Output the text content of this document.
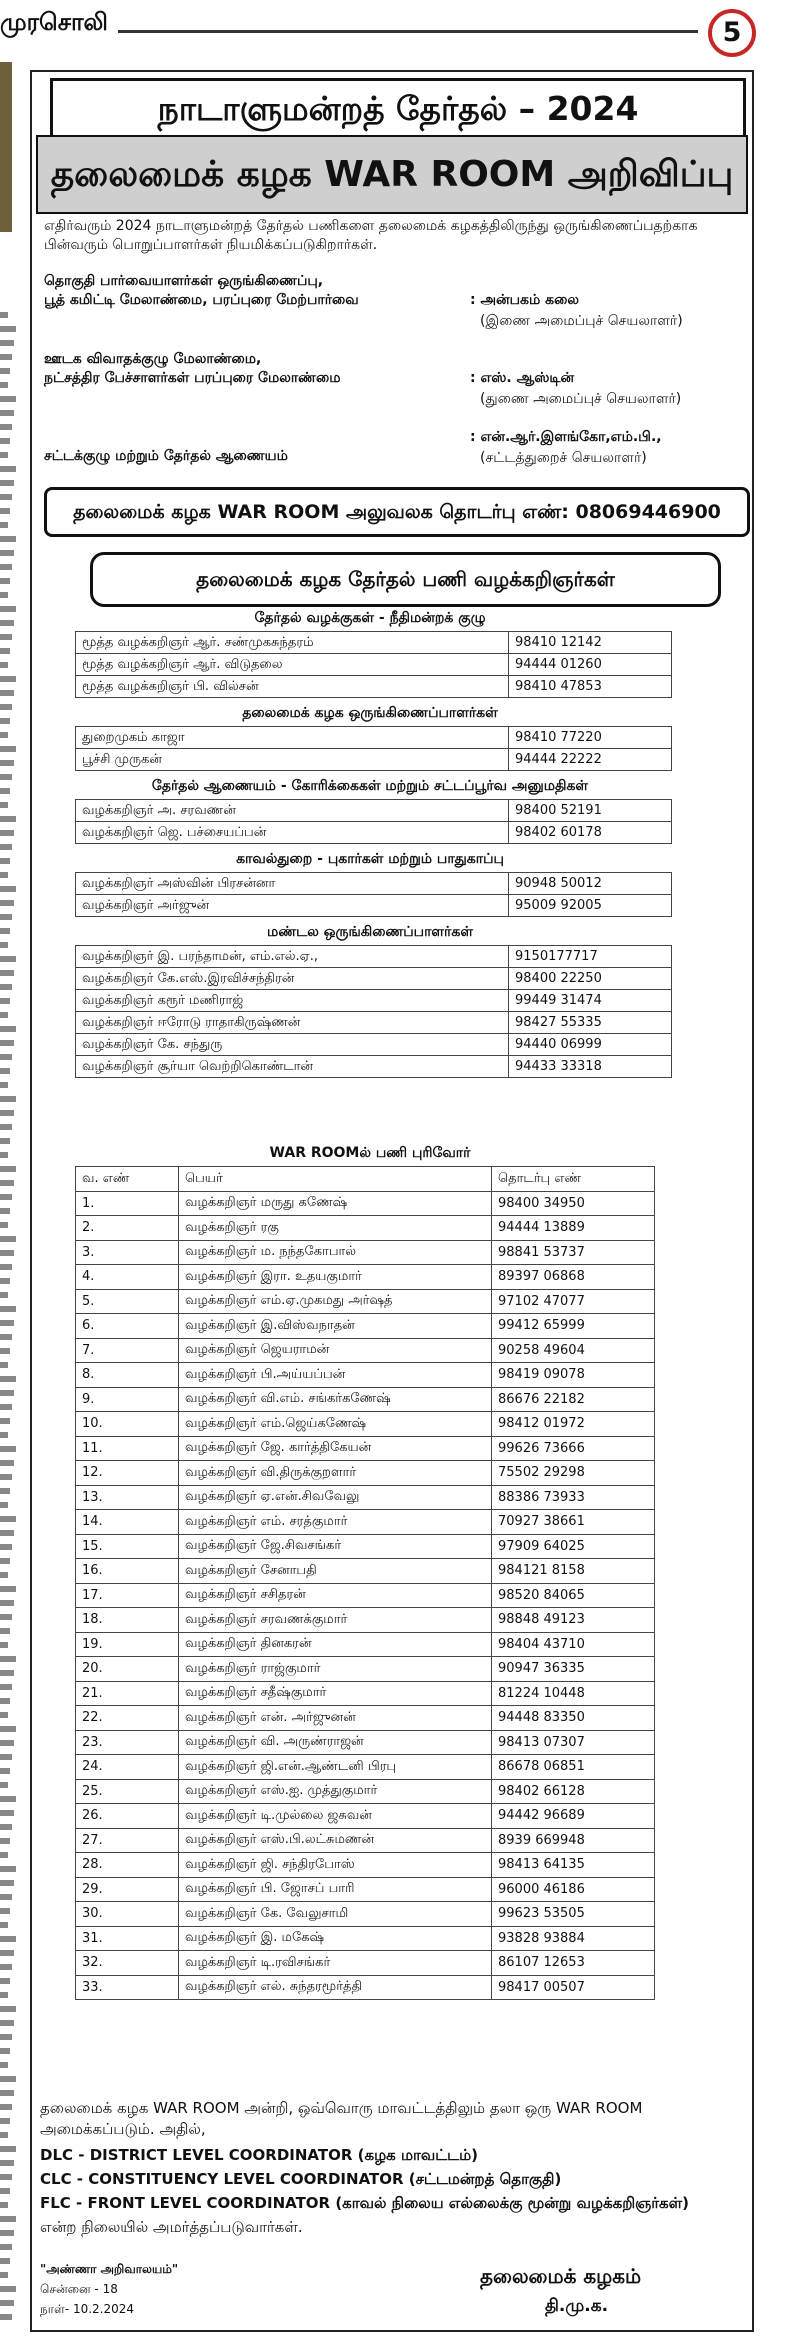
முரசொலி	5
நாடாளுமன்றத் தேர்தல் – 2024
தலைமைக் கழக WAR ROOM அறிவிப்பு
எதிர்வரும் 2024 நாடாளுமன்றத் தேர்தல் பணிகளை தலைமைக் கழகத்திலிருந்து ஒருங்கிணைப்பதற்காக பின்வரும் பொறுப்பாளர்கள் நியமிக்கப்படுகிறார்கள்.
தொகுதி பார்வையாளர்கள் ஒருங்கிணைப்பு,
பூத் கமிட்டி மேலாண்மை, பரப்புரை மேற்பார்வை	: அன்பகம் கலை
(இணை அமைப்புச் செயலாளர்)
ஊடக விவாதக்குழு மேலாண்மை,
நட்சத்திர பேச்சாளர்கள் பரப்புரை மேலாண்மை	: எஸ். ஆஸ்டின்
(துணை அமைப்புச் செயலாளர்)
சட்டக்குழு மற்றும் தேர்தல் ஆணையம்
: என்.ஆர்.இளங்கோ,எம்.பி.,
(சட்டத்துறைச் செயலாளர்)
தலைமைக் கழக WAR ROOM அலுவலக தொடர்பு எண்: 08069446900
தலைமைக் கழக தேர்தல் பணி வழக்கறிஞர்கள்
தேர்தல் வழக்குகள் - நீதிமன்றக் குழு
மூத்த வழக்கறிஞர் ஆர். சண்முகசுந்தரம்	98410 12142
மூத்த வழக்கறிஞர் ஆர். விடுதலை	94444 01260
மூத்த வழக்கறிஞர் பி. வில்சன்	98410 47853
தலைமைக் கழக ஒருங்கிணைப்பாளர்கள்
துறைமுகம் காஜா	98410 77220
பூச்சி முருகன்	94444 22222
தேர்தல் ஆணையம் - கோரிக்கைகள் மற்றும் சட்டப்பூர்வ அனுமதிகள்
வழக்கறிஞர் அ. சரவணன்	98400 52191
வழக்கறிஞர் ஜெ. பச்சையப்பன்	98402 60178
காவல்துறை - புகார்கள் மற்றும் பாதுகாப்பு
வழக்கறிஞர் அஸ்வின் பிரசன்னா	90948 50012
வழக்கறிஞர் அர்ஜுன்	95009 92005
மண்டல ஒருங்கிணைப்பாளர்கள்
வழக்கறிஞர் இ. பரந்தாமன், எம்.எல்.ஏ.,	9150177717
வழக்கறிஞர் கே.எஸ்.இரவிச்சந்திரன்	98400 22250
வழக்கறிஞர் கரூர் மணிராஜ்	99449 31474
வழக்கறிஞர் ஈரோடு ராதாகிருஷ்ணன்	98427 55335
வழக்கறிஞர் கே. சந்துரு	94440 06999
வழக்கறிஞர் சூர்யா வெற்றிகொண்டான்	94433 33318
WAR ROOMல் பணி புரிவோர்
வ. எண்	பெயர்	தொடர்பு எண்
1.	வழக்கறிஞர் மருது கணேஷ்	98400 34950
2.	வழக்கறிஞர் ரகு	94444 13889
3.	வழக்கறிஞர் ம. நந்தகோபால்	98841 53737
4.	வழக்கறிஞர் இரா. உதயகுமார்	89397 06868
5.	வழக்கறிஞர் எம்.ஏ.முகமது அர்ஷத்	97102 47077
6.	வழக்கறிஞர் இ.விஸ்வநாதன்	99412 65999
7.	வழக்கறிஞர் ஜெயராமன்	90258 49604
8.	வழக்கறிஞர் பி.அய்யப்பன்	98419 09078
9.	வழக்கறிஞர் வி.எம். சங்கர்கணேஷ்	86676 22182
10.	வழக்கறிஞர் எம்.ஜெய்கணேஷ்	98412 01972
11.	வழக்கறிஞர் ஜே. கார்த்திகேயன்	99626 73666
12.	வழக்கறிஞர் வி.திருக்குறளார்	75502 29298
13.	வழக்கறிஞர் ஏ.என்.சிவவேலு	88386 73933
14.	வழக்கறிஞர் எம். சரத்குமார்	70927 38661
15.	வழக்கறிஞர் ஜே.சிவசங்கர்	97909 64025
16.	வழக்கறிஞர் சேனாபதி	984121 8158
17.	வழக்கறிஞர் சசிதரன்	98520 84065
18.	வழக்கறிஞர் சரவணக்குமார்	98848 49123
19.	வழக்கறிஞர் தினகரன்	98404 43710
20.	வழக்கறிஞர் ராஜ்குமார்	90947 36335
21.	வழக்கறிஞர் சதீஷ்குமார்	81224 10448
22.	வழக்கறிஞர் என். அர்ஜுனன்	94448 83350
23.	வழக்கறிஞர் வி. அருண்ராஜன்	98413 07307
24.	வழக்கறிஞர் ஜி.என்.ஆண்டனி பிரபு	86678 06851
25.	வழக்கறிஞர் எஸ்.ஐ. முத்துகுமார்	98402 66128
26.	வழக்கறிஞர் டி.முல்லை ஜசுவன்	94442 96689
27.	வழக்கறிஞர் எஸ்.பி.லட்சுமணன்	8939 669948
28.	வழக்கறிஞர் ஜி. சந்திரபோஸ்	98413 64135
29.	வழக்கறிஞர் பி. ஜோசப் பாரி	96000 46186
30.	வழக்கறிஞர் கே. வேலுசாமி	99623 53505
31.	வழக்கறிஞர் இ. மகேஷ்	93828 93884
32.	வழக்கறிஞர் டி.ரவிசங்கர்	86107 12653
33.	வழக்கறிஞர் எல். சுந்தரமூர்த்தி	98417 00507
தலைமைக் கழக WAR ROOM அன்றி, ஒவ்வொரு மாவட்டத்திலும் தலா ஒரு WAR ROOM அமைக்கப்படும். அதில்,
DLC - DISTRICT LEVEL COORDINATOR (கழக மாவட்டம்)
CLC - CONSTITUENCY LEVEL COORDINATOR (சட்டமன்றத் தொகுதி)
FLC - FRONT LEVEL COORDINATOR (காவல் நிலைய எல்லைக்கு மூன்று வழக்கறிஞர்கள்)
என்ற நிலையில் அமர்த்தப்படுவார்கள்.
"அண்ணா அறிவாலயம்"
சென்னை - 18
நாள்- 10.2.2024
தலைமைக் கழகம்
தி.மு.க.
